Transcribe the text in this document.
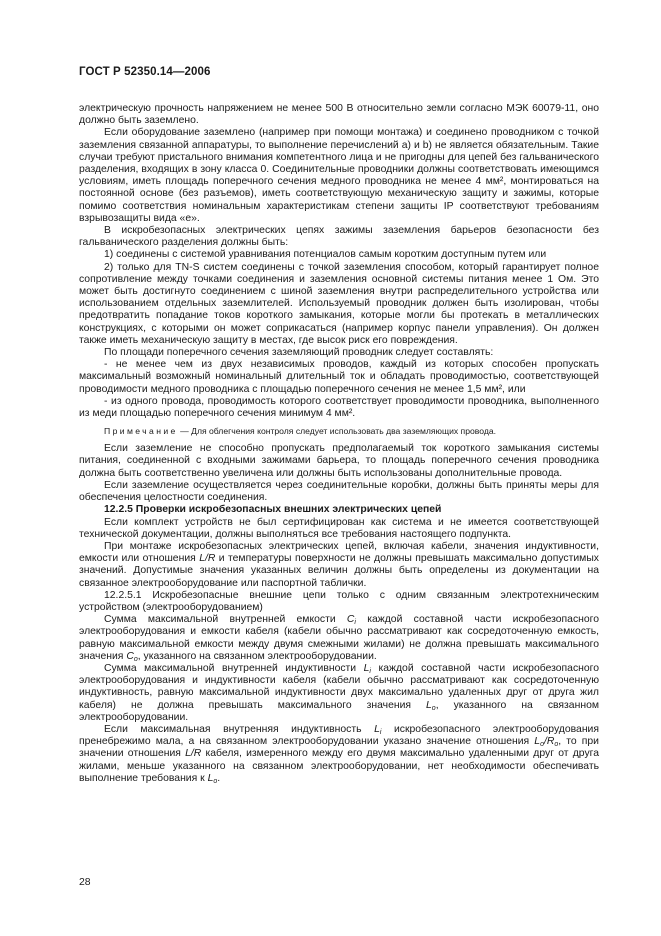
ГОСТ Р 52350.14—2006

электрическую прочность напряжением не менее 500 В относительно земли согласно МЭК 60079-11, оно должно быть заземлено.

Если оборудование заземлено (например при помощи монтажа) и соединено проводником с точкой заземления связанной аппаратуры, то выполнение перечислений а) и b) не является обязательным. Такие случаи требуют пристального внимания компетентного лица и не пригодны для цепей без гальванического разделения, входящих в зону класса 0. Соединительные проводники должны соответствовать имеющимся условиям, иметь площадь поперечного сечения медного проводника не менее 4 мм², монтироваться на постоянной основе (без разъемов), иметь соответствующую механическую защиту и зажимы, которые помимо соответствия номинальным характеристикам степени защиты IP соответствуют требованиям взрывозащиты вида «е».

В искробезопасных электрических цепях зажимы заземления барьеров безопасности без гальванического разделения должны быть:

1) соединены с системой уравнивания потенциалов самым коротким доступным путем или

2) только для TN-S систем соединены с точкой заземления способом, который гарантирует полное сопротивление между точками соединения и заземления основной системы питания менее 1 Ом. Это может быть достигнуто соединением с шиной заземления внутри распределительного устройства или использованием отдельных заземлителей. Используемый проводник должен быть изолирован, чтобы предотвратить попадание токов короткого замыкания, которые могли бы протекать в металлических конструкциях, с которыми он может соприкасаться (например корпус панели управления). Он должен также иметь механическую защиту в местах, где высок риск его повреждения.

По площади поперечного сечения заземляющий проводник следует составлять:

- не менее чем из двух независимых проводов, каждый из которых способен пропускать максимальный возможный номинальный длительный ток и обладать проводимостью, соответствующей проводимости медного проводника с площадью поперечного сечения не менее 1,5 мм², или

- из одного провода, проводимость которого соответствует проводимости проводника, выполненного из меди площадью поперечного сечения минимум 4 мм².

Примечание — Для облегчения контроля следует использовать два заземляющих провода.

Если заземление не способно пропускать предполагаемый ток короткого замыкания системы питания, соединенной с входными зажимами барьера, то площадь поперечного сечения проводника должна быть соответственно увеличена или должны быть использованы дополнительные провода.

Если заземление осуществляется через соединительные коробки, должны быть приняты меры для обеспечения целостности соединения.

12.2.5 Проверки искробезопасных внешних электрических цепей

Если комплект устройств не был сертифицирован как система и не имеется соответствующей технической документации, должны выполняться все требования настоящего подпункта.

При монтаже искробезопасных электрических цепей, включая кабели, значения индуктивности, емкости или отношения L/R и температуры поверхности не должны превышать максимально допустимых значений. Допустимые значения указанных величин должны быть определены из документации на связанное электрооборудование или паспортной таблички.

12.2.5.1 Искробезопасные внешние цепи только с одним связанным электротехническим устройством (электрооборудованием)

Сумма максимальной внутренней емкости $C_i$ каждой составной части искробезопасного электрооборудования и емкости кабеля (кабели обычно рассматривают как сосредоточенную емкость, равную максимальной емкости между двумя смежными жилами) не должна превышать максимального значения $C_o$, указанного на связанном электрооборудовании.

Сумма максимальной внутренней индуктивности $L_i$ каждой составной части искробезопасного электрооборудования и индуктивности кабеля (кабели обычно рассматривают как сосредоточенную индуктивность, равную максимальной индуктивности двух максимально удаленных друг от друга жил кабеля) не должна превышать максимального значения $L_o$, указанного на связанном электрооборудовании.

Если максимальная внутренняя индуктивность $L_i$ искробезопасного электрооборудования пренебрежимо мала, а на связанном электрооборудовании указано значение отношения $L_o/R_o$, то при значении отношения L/R кабеля, измеренного между его двумя максимально удаленными друг от друга жилами, меньше указанного на связанном электрооборудовании, нет необходимости обеспечивать выполнение требования к $L_o$.

28
